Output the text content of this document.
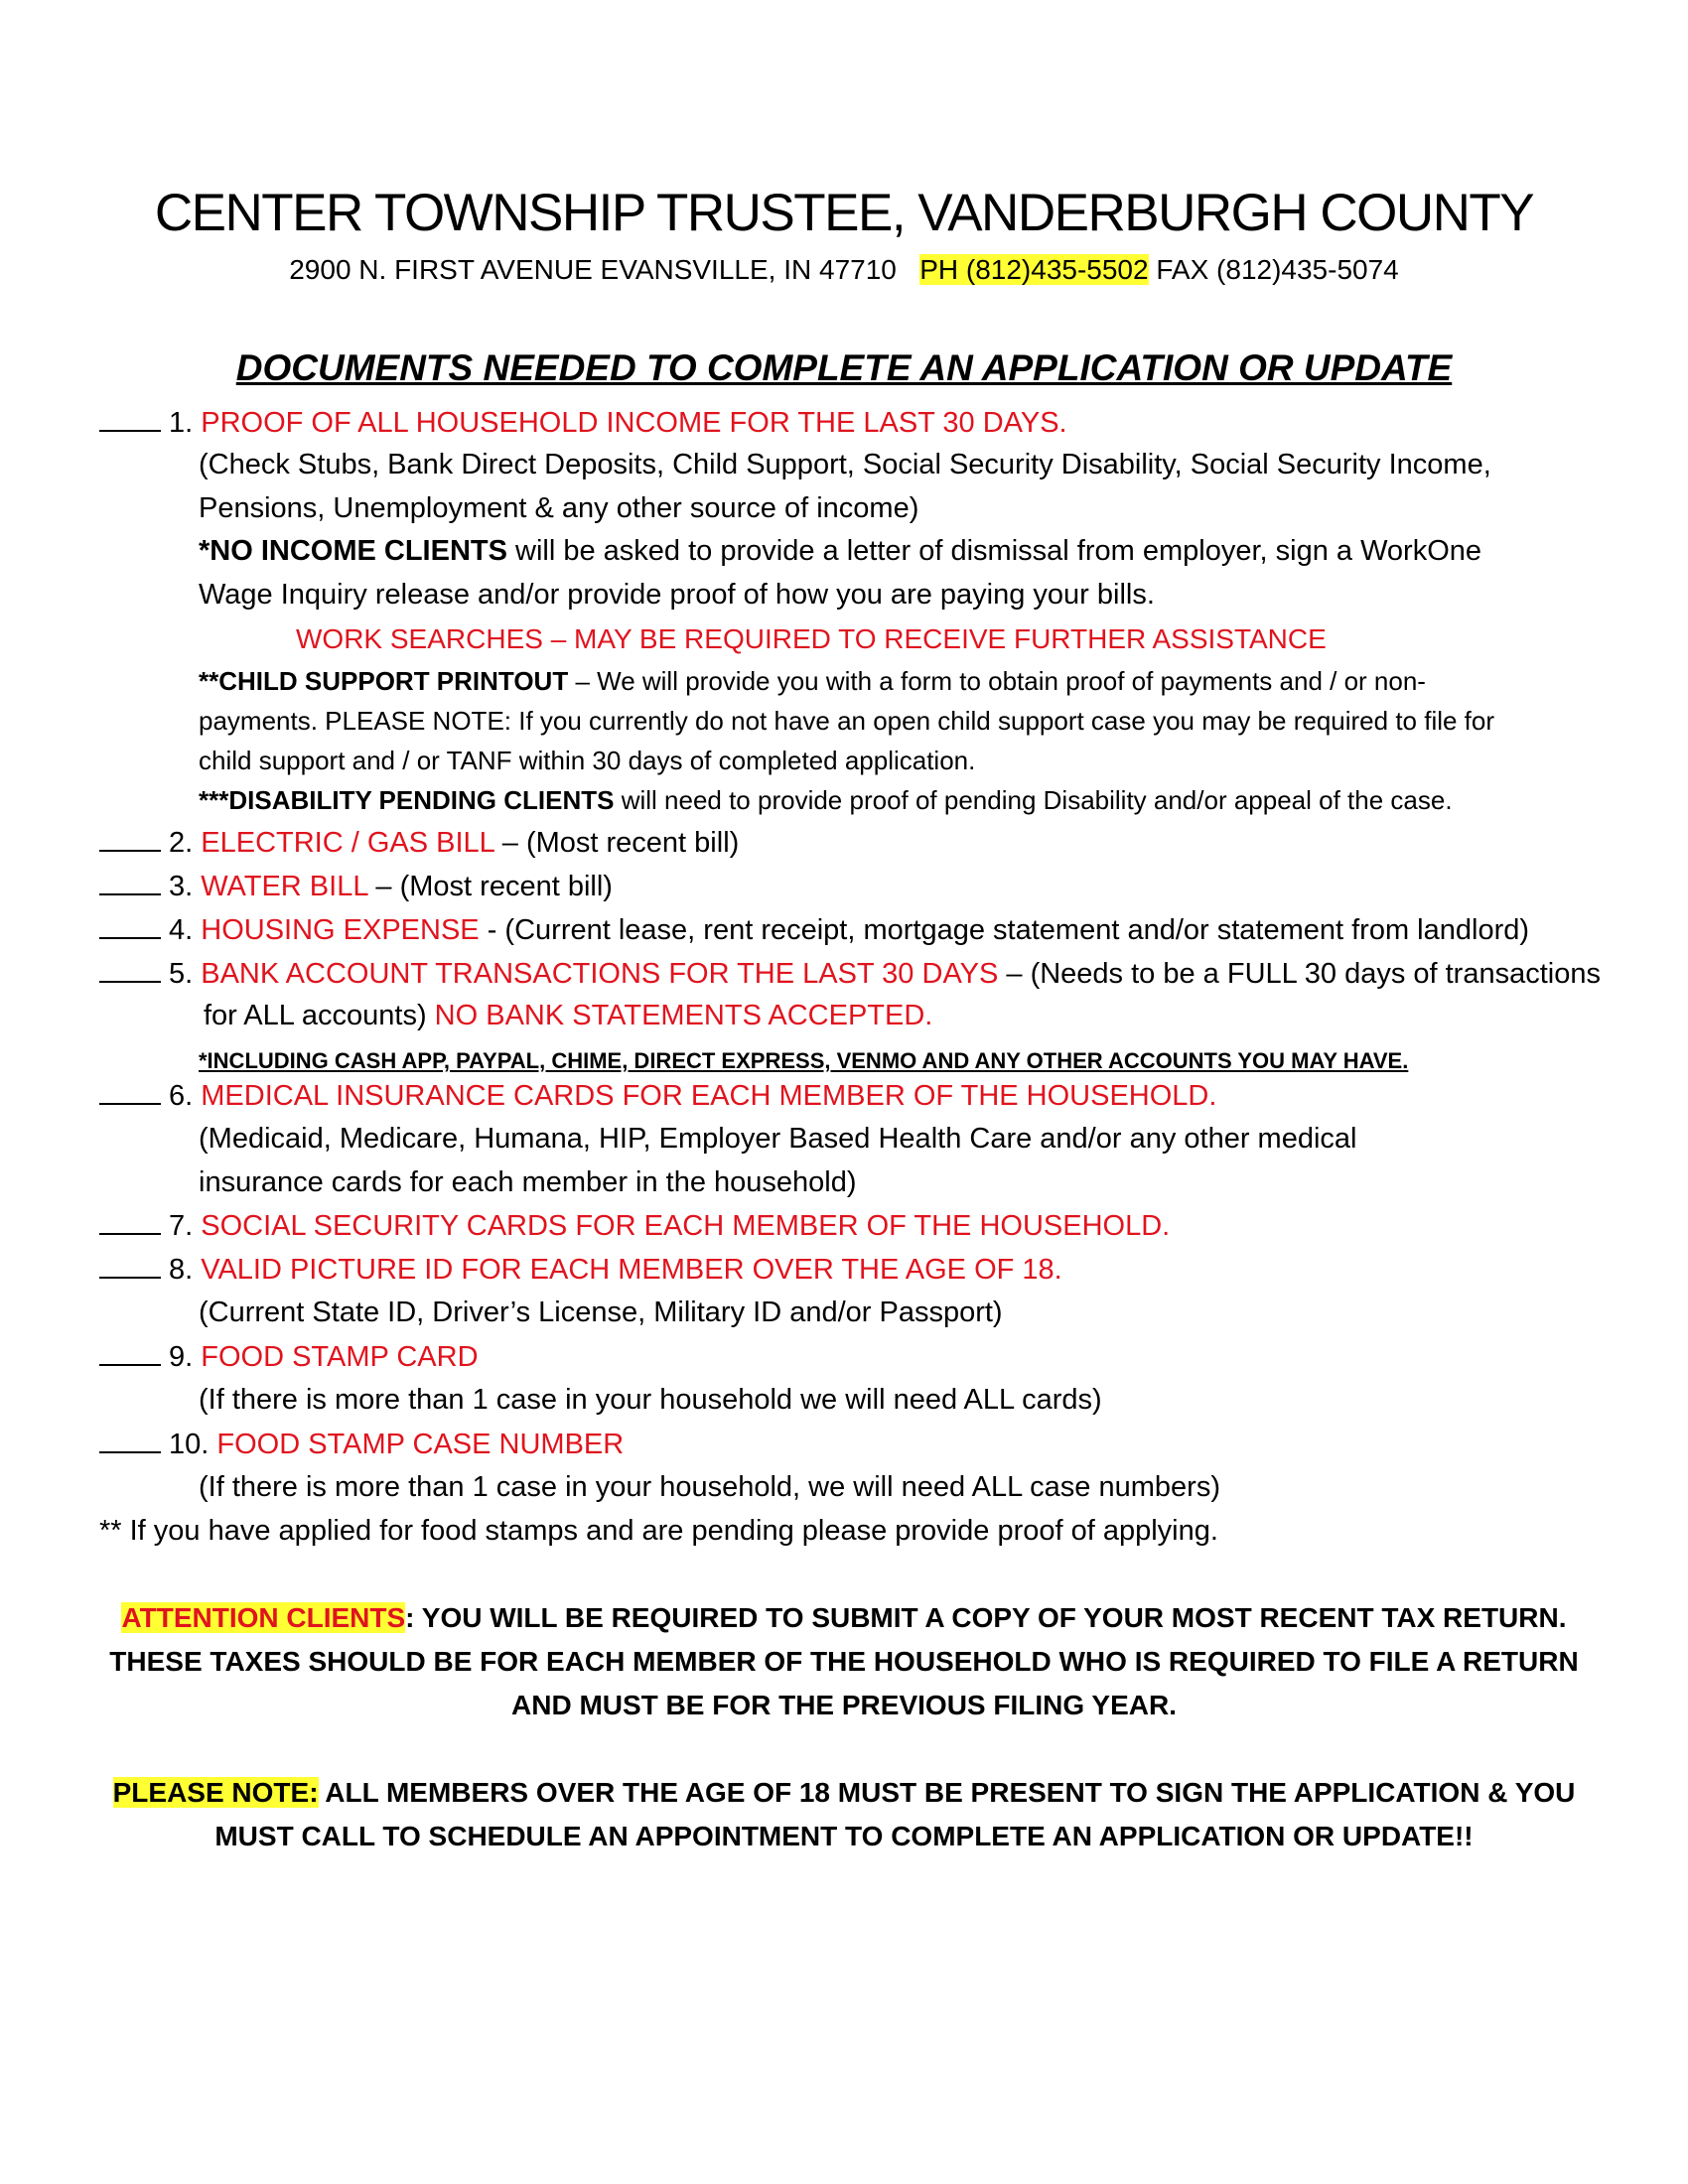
CENTER TOWNSHIP TRUSTEE, VANDERBURGH COUNTY
2900 N. FIRST AVENUE EVANSVILLE, IN 47710 PH (812)435-5502 FAX (812)435-5074
DOCUMENTS NEEDED TO COMPLETE AN APPLICATION OR UPDATE
1. PROOF OF ALL HOUSEHOLD INCOME FOR THE LAST 30 DAYS.
(Check Stubs, Bank Direct Deposits, Child Support, Social Security Disability, Social Security Income,
Pensions, Unemployment & any other source of income)
*NO INCOME CLIENTS will be asked to provide a letter of dismissal from employer, sign a WorkOne
Wage Inquiry release and/or provide proof of how you are paying your bills.
WORK SEARCHES – MAY BE REQUIRED TO RECEIVE FURTHER ASSISTANCE
**CHILD SUPPORT PRINTOUT – We will provide you with a form to obtain proof of payments and / or non-
payments. PLEASE NOTE: If you currently do not have an open child support case you may be required to file for
child support and / or TANF within 30 days of completed application.
***DISABILITY PENDING CLIENTS will need to provide proof of pending Disability and/or appeal of the case.
2. ELECTRIC / GAS BILL – (Most recent bill)
3. WATER BILL – (Most recent bill)
4. HOUSING EXPENSE - (Current lease, rent receipt, mortgage statement and/or statement from landlord)
5. BANK ACCOUNT TRANSACTIONS FOR THE LAST 30 DAYS – (Needs to be a FULL 30 days of transactions
for ALL accounts) NO BANK STATEMENTS ACCEPTED.
*INCLUDING CASH APP, PAYPAL, CHIME, DIRECT EXPRESS, VENMO AND ANY OTHER ACCOUNTS YOU MAY HAVE.
6. MEDICAL INSURANCE CARDS FOR EACH MEMBER OF THE HOUSEHOLD.
(Medicaid, Medicare, Humana, HIP, Employer Based Health Care and/or any other medical
insurance cards for each member in the household)
7. SOCIAL SECURITY CARDS FOR EACH MEMBER OF THE HOUSEHOLD.
8. VALID PICTURE ID FOR EACH MEMBER OVER THE AGE OF 18.
(Current State ID, Driver’s License, Military ID and/or Passport)
9. FOOD STAMP CARD
(If there is more than 1 case in your household we will need ALL cards)
10. FOOD STAMP CASE NUMBER
(If there is more than 1 case in your household, we will need ALL case numbers)
** If you have applied for food stamps and are pending please provide proof of applying.
ATTENTION CLIENTS: YOU WILL BE REQUIRED TO SUBMIT A COPY OF YOUR MOST RECENT TAX RETURN.
THESE TAXES SHOULD BE FOR EACH MEMBER OF THE HOUSEHOLD WHO IS REQUIRED TO FILE A RETURN
AND MUST BE FOR THE PREVIOUS FILING YEAR.
PLEASE NOTE: ALL MEMBERS OVER THE AGE OF 18 MUST BE PRESENT TO SIGN THE APPLICATION & YOU
MUST CALL TO SCHEDULE AN APPOINTMENT TO COMPLETE AN APPLICATION OR UPDATE!!
